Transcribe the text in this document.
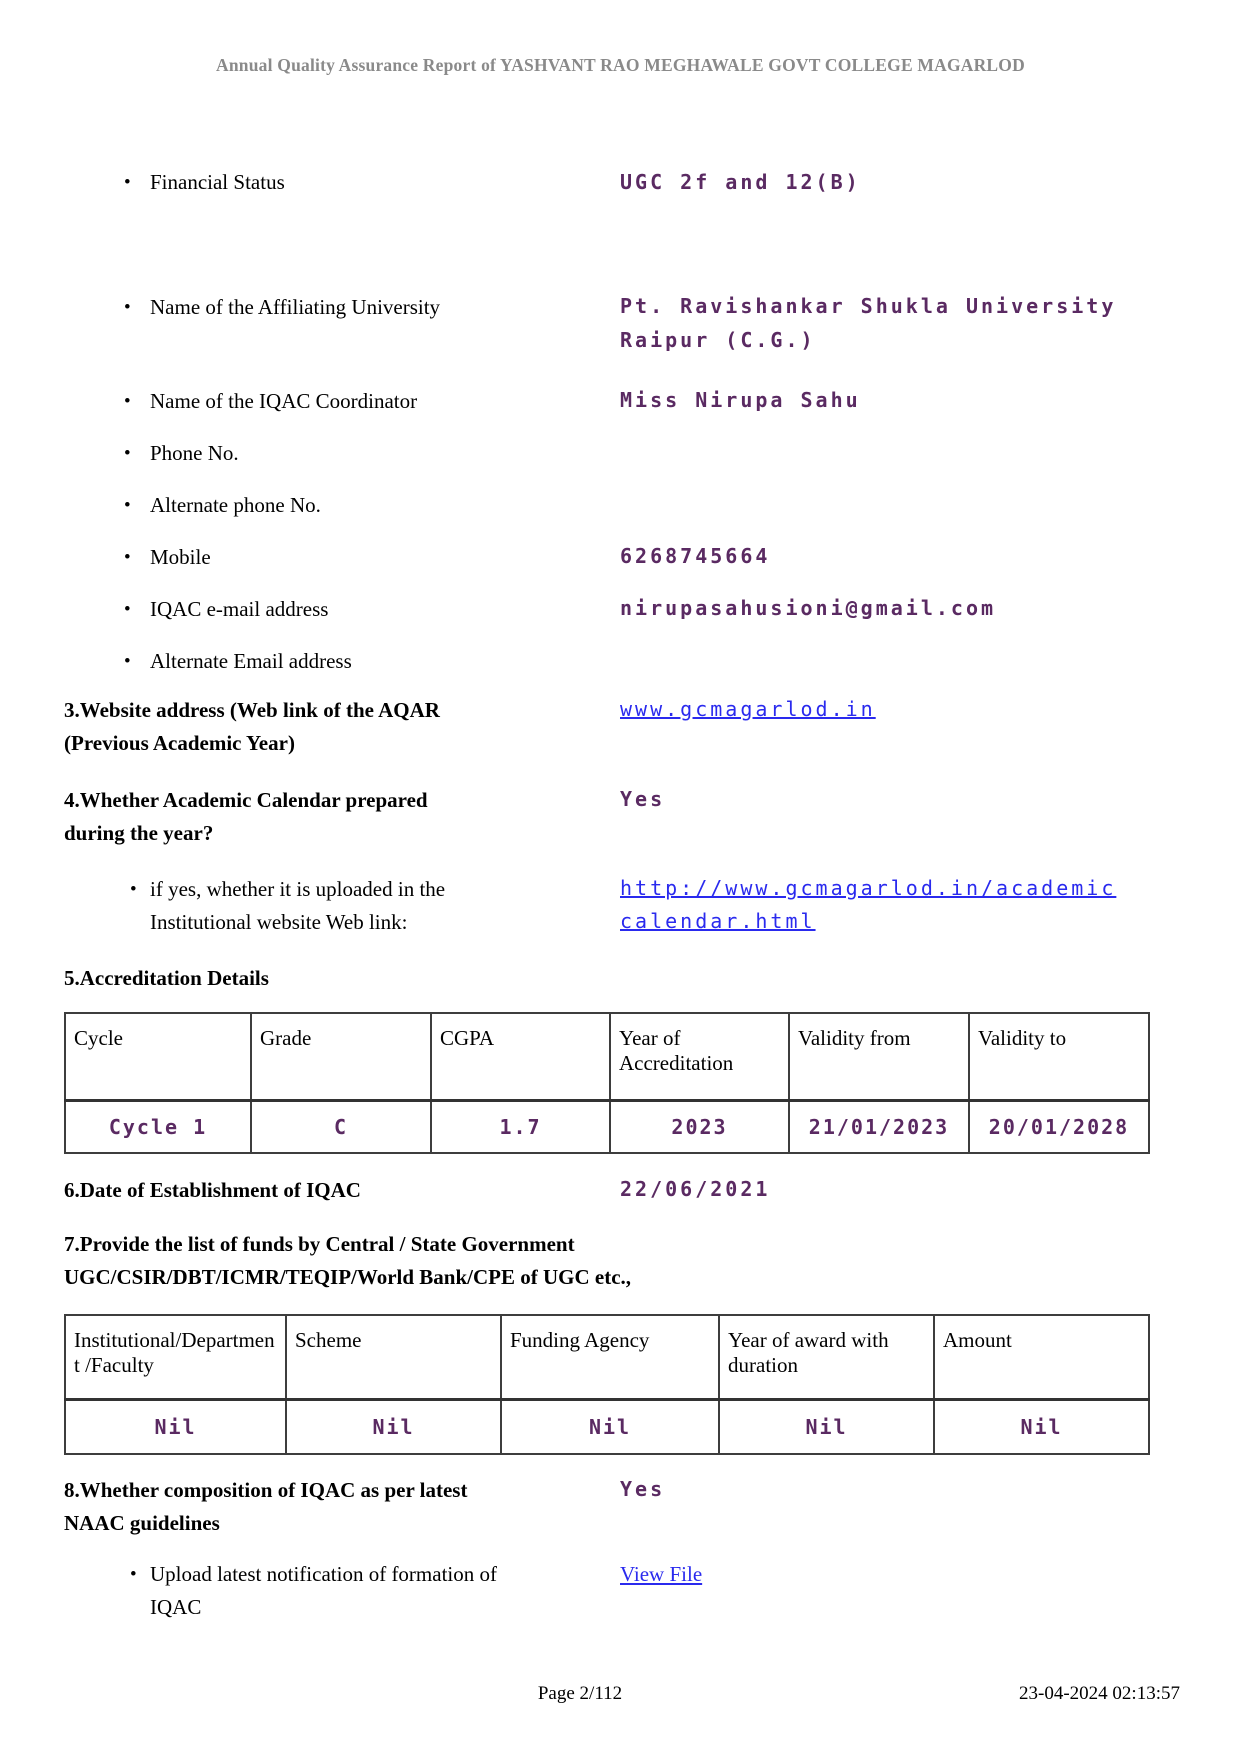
Annual Quality Assurance Report of YASHVANT RAO MEGHAWALE GOVT COLLEGE MAGARLOD
• Financial Status	UGC 2f and 12(B)
• Name of the Affiliating University	Pt. Ravishankar Shukla University
Raipur (C.G.)
• Name of the IQAC Coordinator	Miss Nirupa Sahu
• Phone No.
• Alternate phone No.
• Mobile	6268745664
• IQAC e-mail address	nirupasahusioni@gmail.com
• Alternate Email address
3.Website address (Web link of the AQAR
(Previous Academic Year)
www.gcmagarlod.in
4.Whether Academic Calendar prepared
during the year?
Yes
• if yes, whether it is uploaded in the
Institutional website Web link:
http://www.gcmagarlod.in/academic
calendar.html
5.Accreditation Details
Cycle	Grade	CGPA	Year of Accreditation	Validity from	Validity to
Cycle 1	C	1.7	2023	21/01/2023	20/01/2028
6.Date of Establishment of IQAC	22/06/2021
7.Provide the list of funds by Central / State Government
UGC/CSIR/DBT/ICMR/TEQIP/World Bank/CPE of UGC etc.,
Institutional/Department /Faculty	Scheme	Funding Agency	Year of award with duration	Amount
Nil	Nil	Nil	Nil	Nil
8.Whether composition of IQAC as per latest
NAAC guidelines
Yes
• Upload latest notification of formation of
IQAC
View File
Page 2/112	23-04-2024 02:13:57
